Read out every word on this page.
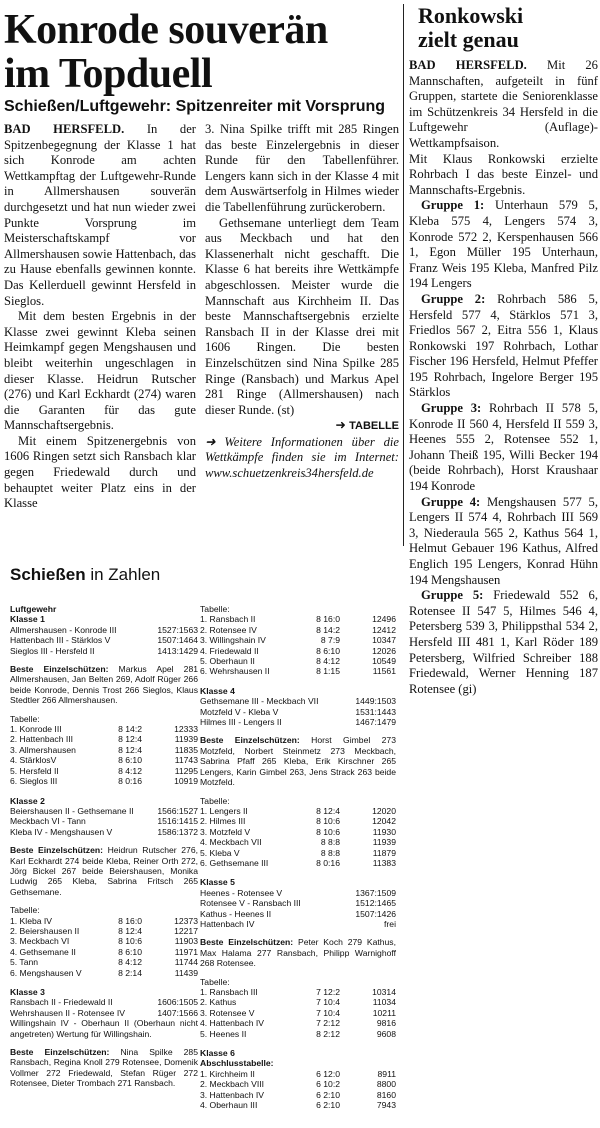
Konrode souverän
im Topduell
Schießen/Luftgewehr: Spitzenreiter mit Vorsprung

BAD HERSFELD. In der Spitzenbegegnung der Klasse 1 hat sich Konrode am achten Wettkampftag der Luftgewehr-Runde in Allmershausen souverän durchgesetzt und hat nun wieder zwei Punkte Vorsprung im Meisterschaftskampf vor Allmershausen sowie Hattenbach, das zu Hause ebenfalls gewinnen konnte. Das Kellerduell gewinnt Hersfeld in Sieglos.

Mit dem besten Ergebnis in der Klasse zwei gewinnt Kleba seinen Heimkampf gegen Mengshausen und bleibt weiterhin ungeschlagen in dieser Klasse. Heidrun Rutscher (276) und Karl Eckhardt (274) waren die Garanten für das gute Mannschaftsergebnis.

Mit einem Spitzenergebnis von 1606 Ringen setzt sich Ransbach klar gegen Friedewald durch und behauptet weiter Platz eins in der Klasse

3. Nina Spilke trifft mit 285 Ringen das beste Einzelergebnis in dieser Runde für den Tabellenführer. Lengers kann sich in der Klasse 4 mit dem Auswärtserfolg in Hilmes wieder die Tabellenführung zurückerobern.

Gethsemane unterliegt dem Team aus Meckbach und hat den Klassenerhalt nicht geschafft. Die Klasse 6 hat bereits ihre Wettkämpfe abgeschlossen. Meister wurde die Mannschaft aus Kirchheim II. Das beste Mannschaftsergebnis erzielte Ransbach II in der Klasse drei mit 1606 Ringen. Die besten Einzelschützen sind Nina Spilke 285 Ringe (Ransbach) und Markus Apel 281 Ringe (Allmershausen) nach dieser Runde. (st)

➜ TABELLE

➜ Weitere Informationen über die Wettkämpfe finden sie im Internet: www.schuetzenkreis34hersfeld.de

Ronkowski
zielt genau

BAD HERSFELD. Mit 26 Mannschaften, aufgeteilt in fünf Gruppen, startete die Seniorenklasse im Schützenkreis 34 Hersfeld in die Luftgewehr (Auflage)-Wettkampfsaison.

Mit Klaus Ronkowski erzielte Rohrbach I das beste Einzel- und Mannschafts-Ergebnis.

Gruppe 1: Unterhaun 579 5, Kleba 575 4, Lengers 574 3, Konrode 572 2, Kerspenhausen 566 1, Egon Müller 195 Unterhaun, Franz Weis 195 Kleba, Manfred Pilz 194 Lengers

Gruppe 2: Rohrbach 586 5, Hersfeld 577 4, Stärklos 571 3, Friedlos 567 2, Eitra 556 1, Klaus Ronkowski 197 Rohrbach, Lothar Fischer 196 Hersfeld, Helmut Pfeffer 195 Rohrbach, Ingelore Berger 195 Stärklos

Gruppe 3: Rohrbach II 578 5, Konrode II 560 4, Hersfeld II 559 3, Heenes 555 2, Rotensee 552 1, Johann Theiß 195, Willi Becker 194 (beide Rohrbach), Horst Kraushaar 194 Konrode

Gruppe 4: Mengshausen 577 5, Lengers II 574 4, Rohrbach III 569 3, Niederaula 565 2, Kathus 564 1, Helmut Gebauer 196 Kathus, Alfred Englich 195 Lengers, Konrad Hühn 194 Mengshausen

Gruppe 5: Friedewald 552 6, Rotensee II 547 5, Hilmes 546 4, Petersberg 539 3, Philippsthal 534 2, Hersfeld III 481 1, Karl Röder 189 Petersberg, Wilfried Schreiber 188 Friedewald, Werner Henning 187 Rotensee (gi)

Schießen in Zahlen
Luftgewehr
Klasse 1
Allmershausen - Konrode III	1527:1563
Hattenbach III - Stärklos V	1507:1464
Sieglos III - Hersfeld II	1413:1429
Beste Einzelschützen: Markus Apel 281 Allmershausen, Jan Belten 269, Adolf Rüger 266 beide Konrode, Dennis Trost 266 Sieglos, Klaus Stedtler 266 Allmershausen.
Tabelle:
1. Konrode III	8 14:2	12333
2. Hattenbach III	8 12:4	11939
3. Allmershausen	8 12:4	11835
4. StärklosV	8 6:10	11743
5. Hersfeld II	8 4:12	11295
6. Sieglos III	8 0:16	10919
Klasse 2
Beiershausen II - Gethsemane II	1566:1527
Meckbach VI - Tann	1516:1415
Kleba IV - Mengshausen V	1586:1372
Beste Einzelschützen: Heidrun Rutscher 276, Karl Eckhardt 274 beide Kleba, Reiner Orth 272, Jörg Bickel 267 beide Beiershausen, Monika Ludwig 265 Kleba, Sabrina Fritsch 265 Gethsemane.
Tabelle:
1. Kleba IV	8 16:0	12373
2. Beiershausen II	8 12:4	12217
3. Meckbach VI	8 10:6	11903
4. Gethsemane II	8 6:10	11971
5. Tann	8 4:12	11744
6. Mengshausen V	8 2:14	11439
Klasse 3
Ransbach II - Friedewald II	1606:1505
Wehrshausen II - Rotensee IV	1407:1566
Willingshain IV - Oberhaun II (Oberhaun nicht angetreten) Wertung für Willingshain.
Beste Einzelschützen: Nina Spilke 285 Ransbach, Regina Knoll 279 Rotensee, Domenik Vollmer 272 Friedewald, Stefan Rüger 272 Rotensee, Dieter Trombach 271 Ransbach.
Tabelle:
1. Ransbach II	8 16:0	12496
2. Rotensee IV	8 14:2	12412
3. Willingshain IV	8 7:9	10347
4. Friedewald II	8 6:10	12026
5. Oberhaun II	8 4:12	10549
6. Wehrshausen II	8 1:15	11561
Klasse 4
Gethsemane III - Meckbach VII	1449:1503
Motzfeld V - Kleba V	1531:1443
Hilmes III - Lengers II	1467:1479
Beste Einzelschützen: Horst Gimbel 273 Motzfeld, Norbert Steinmetz 273 Meckbach, Sabrina Pfaff 265 Kleba, Erik Kirschner 265 Lengers, Karin Gimbel 263, Jens Strack 263 beide Motzfeld.
Tabelle:
1. Lengers II	8 12:4	12020
2. Hilmes III	8 10:6	12042
3. Motzfeld V	8 10:6	11930
4. Meckbach VII	8 8:8	11939
5. Kleba V	8 8:8	11879
6. Gethsemane III	8 0:16	11383
Klasse 5
Heenes - Rotensee V	1367:1509
Rotensee V - Ransbach III	1512:1465
Kathus - Heenes II	1507:1426
Hattenbach IV	frei
Beste Einzelschützen: Peter Koch 279 Kathus, Max Halama 277 Ransbach, Philipp Warnighoff 268 Rotensee.
Tabelle:
1. Ransbach III	7 12:2	10314
2. Kathus	7 10:4	11034
3. Rotensee V	7 10:4	10211
4. Hattenbach IV	7 2:12	9816
5. Heenes II	8 2:12	9608
Klasse 6
Abschlusstabelle:
1. Kirchheim II	6 12:0	8911
2. Meckbach VIII	6 10:2	8800
3. Hattenbach IV	6 2:10	8160
4. Oberhaun III	6 2:10	7943
